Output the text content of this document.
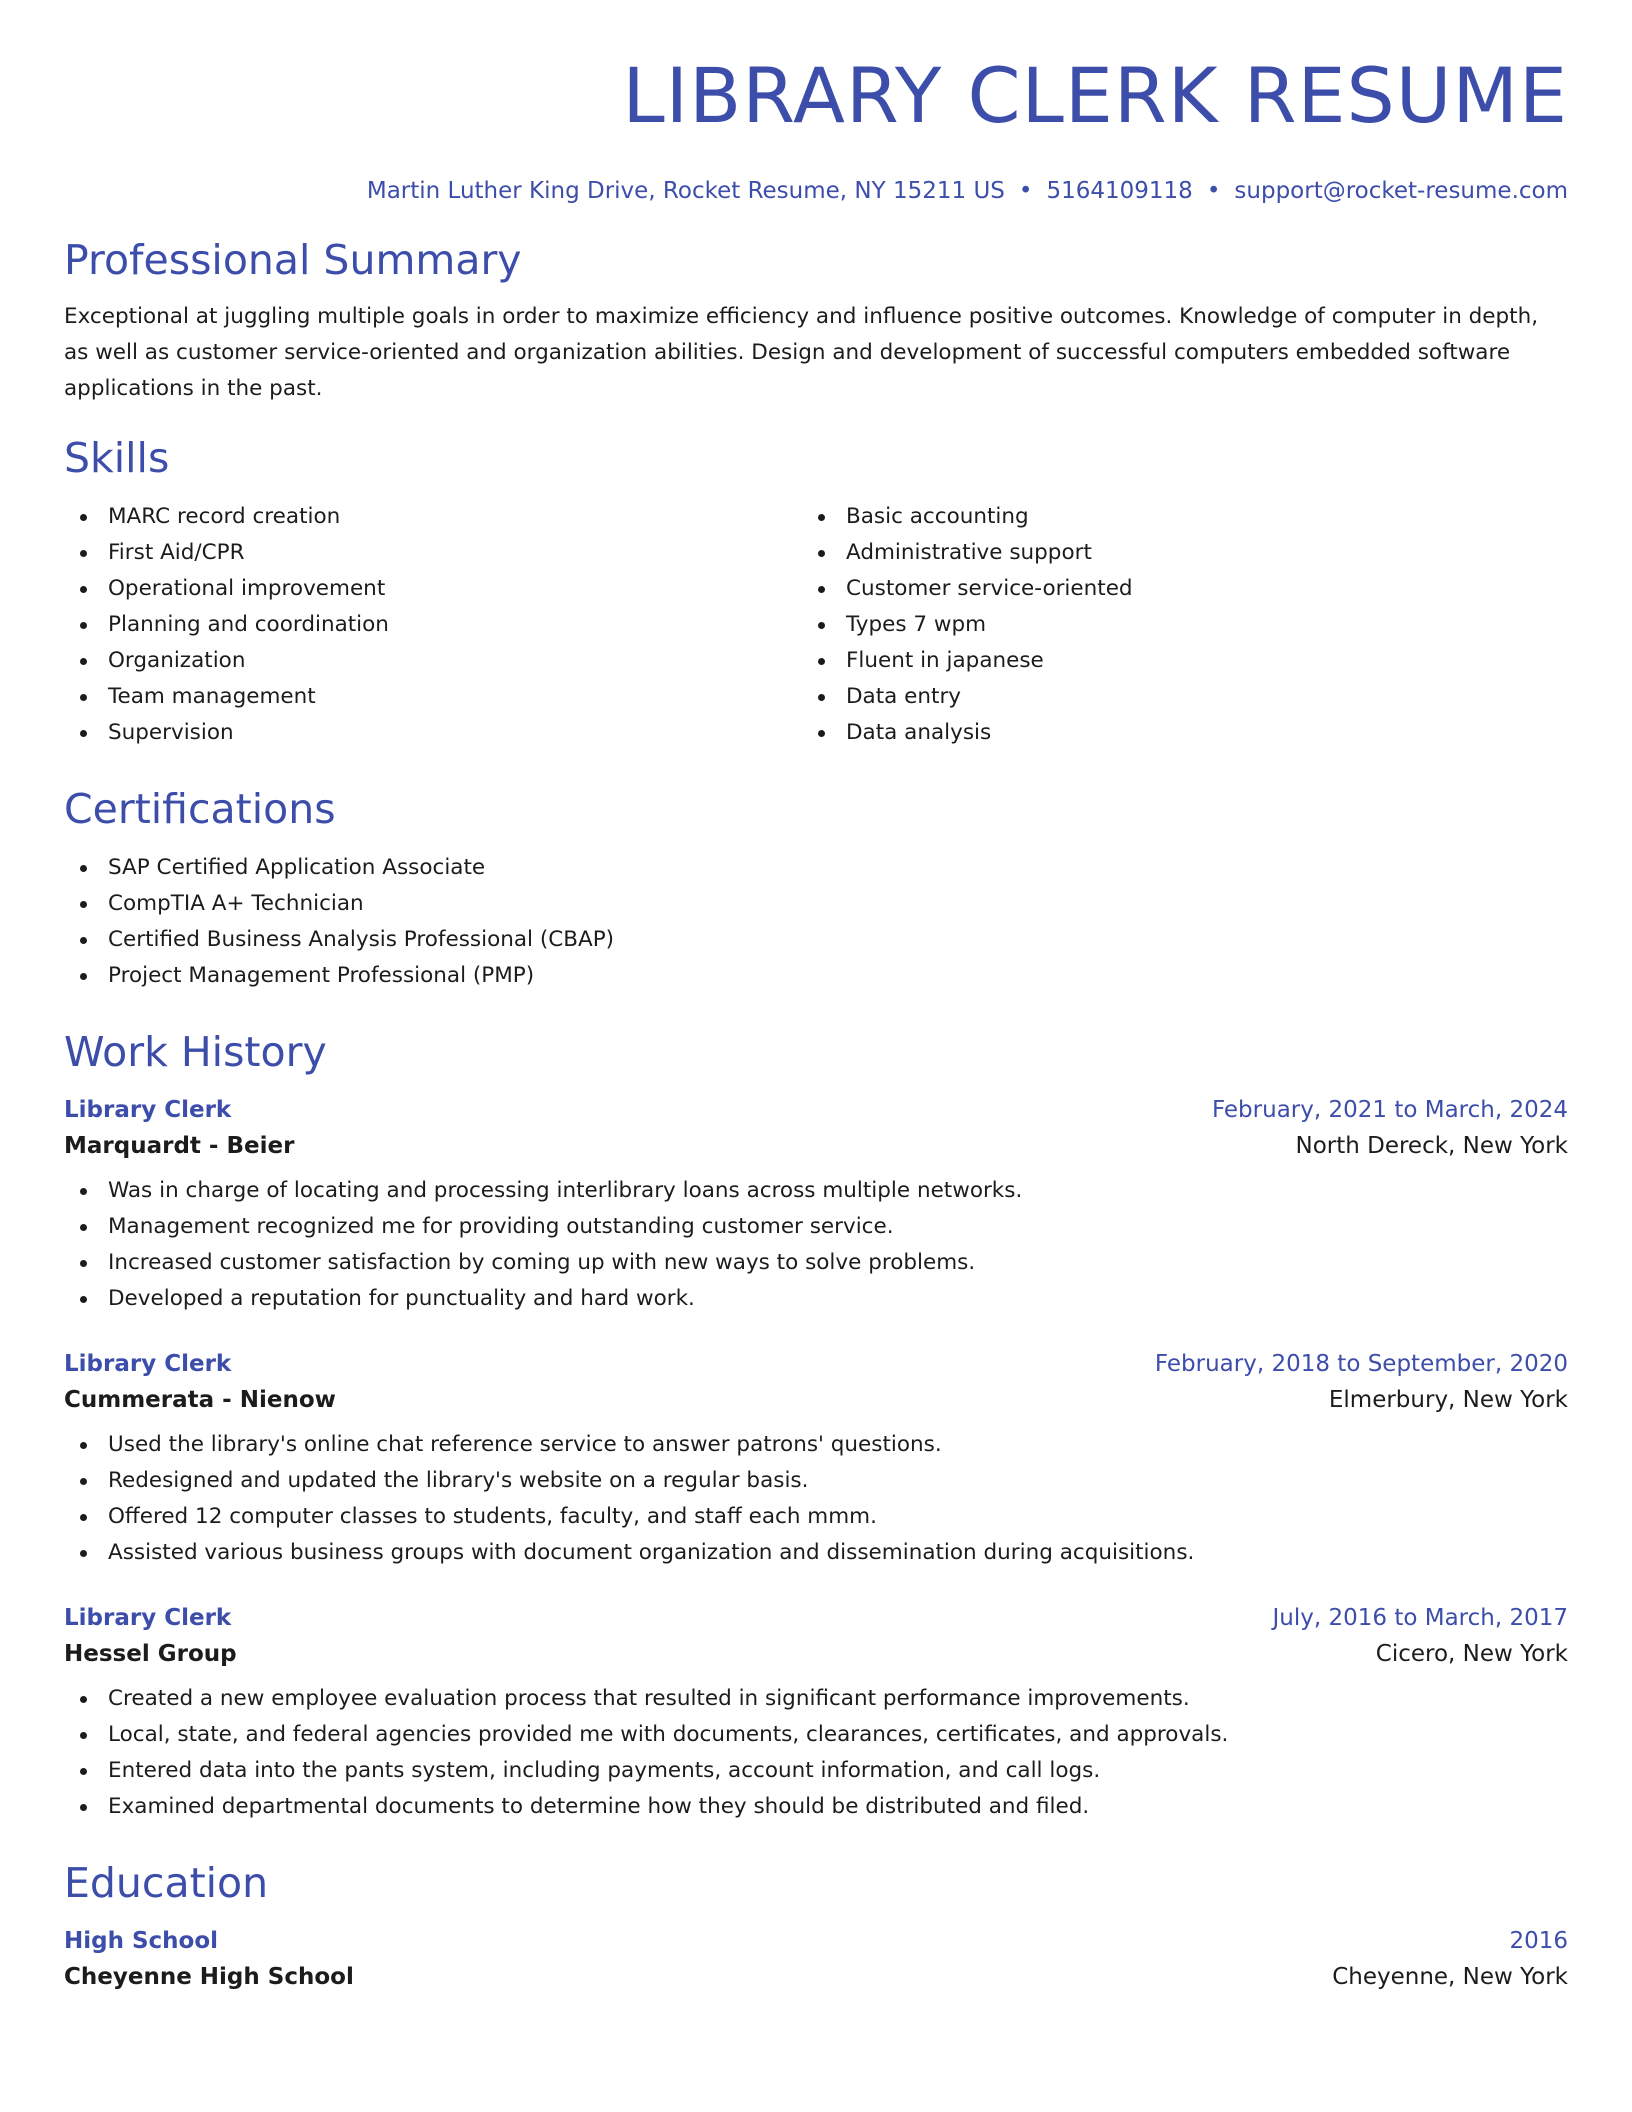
LIBRARY CLERK RESUME
Martin Luther King Drive, Rocket Resume, NY 15211 US • 5164109118 • support@rocket-resume.com
Professional Summary

Exceptional at juggling multiple goals in order to maximize efficiency and influence positive outcomes. Knowledge of computer in depth, as well as customer service-oriented and organization abilities. Design and development of successful computers embedded software applications in the past.

Skills
MARC record creation
First Aid/CPR
Operational improvement
Planning and coordination
Organization
Team management
Supervision
Basic accounting
Administrative support
Customer service-oriented
Types 7 wpm
Fluent in japanese
Data entry
Data analysis
Certifications
SAP Certified Application Associate
CompTIA A+ Technician
Certified Business Analysis Professional (CBAP)
Project Management Professional (PMP)
Work History
Library Clerk	February, 2021 to March, 2024
Marquardt - Beier	North Dereck, New York
Was in charge of locating and processing interlibrary loans across multiple networks.
Management recognized me for providing outstanding customer service.
Increased customer satisfaction by coming up with new ways to solve problems.
Developed a reputation for punctuality and hard work.
Library Clerk	February, 2018 to September, 2020
Cummerata - Nienow	Elmerbury, New York
Used the library's online chat reference service to answer patrons' questions.
Redesigned and updated the library's website on a regular basis.
Offered 12 computer classes to students, faculty, and staff each mmm.
Assisted various business groups with document organization and dissemination during acquisitions.
Library Clerk	July, 2016 to March, 2017
Hessel Group	Cicero, New York
Created a new employee evaluation process that resulted in significant performance improvements.
Local, state, and federal agencies provided me with documents, clearances, certificates, and approvals.
Entered data into the pants system, including payments, account information, and call logs.
Examined departmental documents to determine how they should be distributed and filed.
Education
High School	2016
Cheyenne High School	Cheyenne, New York
